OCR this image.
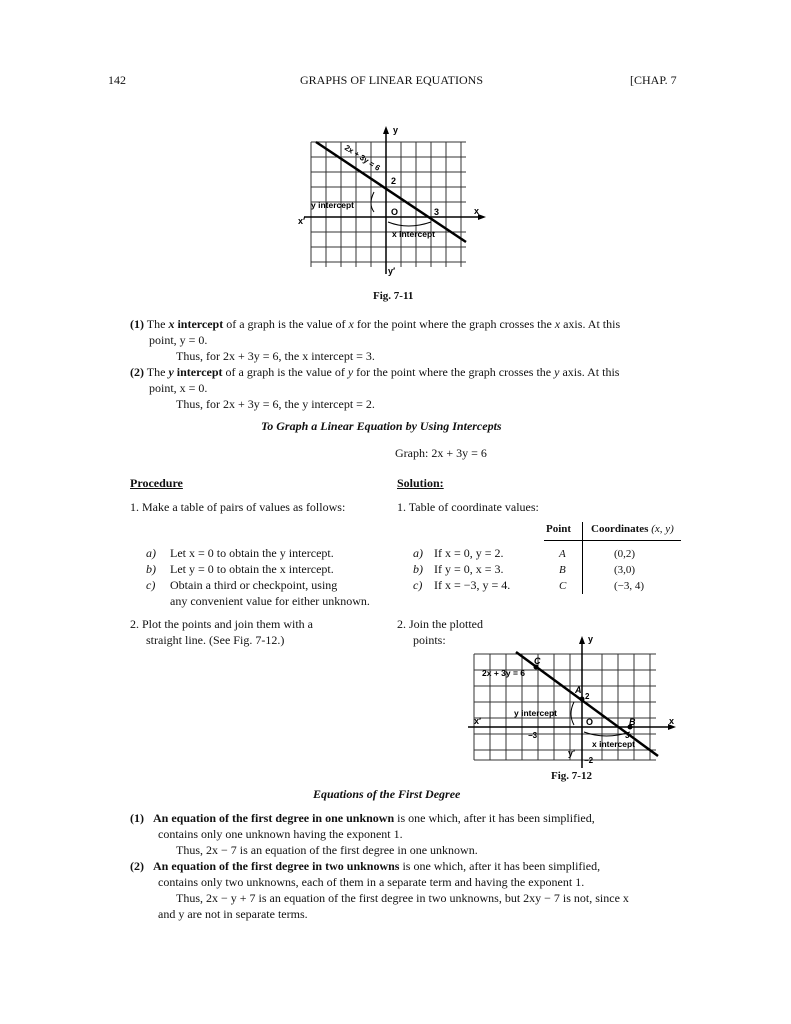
142	GRAPHS OF LINEAR EQUATIONS	[CHAP. 7
y
x
x′
y′
O
2
3
2x + 3y = 6
y intercept
x intercept
Fig. 7-11
(1) The x intercept of a graph is the value of x for the point where the graph crosses the x axis. At this
point, y = 0.
Thus, for 2x + 3y = 6, the x intercept = 3.
(2) The y intercept of a graph is the value of y for the point where the graph crosses the y axis. At this
point, x = 0.
Thus, for 2x + 3y = 6, the y intercept = 2.
To Graph a Linear Equation by Using Intercepts
Graph: 2x + 3y = 6
Procedure	Solution:
1. Make a table of pairs of values as follows:	1. Table of coordinate values:
Point Coordinates (x, y)
A	(0,2)
B	(3,0)
C	(−3, 4)
a) Let x = 0 to obtain the y intercept.
b) Let y = 0 to obtain the x intercept.
c) Obtain a third or checkpoint, using
any convenient value for either unknown.
a) If x = 0, y = 2.
b) If y = 0, x = 3.
c) If x = −3, y = 4.
2. Plot the points and join them with a
straight line. (See Fig. 7-12.)
2. Join the plotted
points:	y
x
x′
y′
O
C
A
B
2
3
−3
−2
2x + 3y = 6
y intercept
x intercept
Fig. 7-12
Equations of the First Degree
(1) An equation of the first degree in one unknown is one which, after it has been simplified,
contains only one unknown having the exponent 1.
Thus, 2x − 7 is an equation of the first degree in one unknown.
(2) An equation of the first degree in two unknowns is one which, after it has been simplified,
contains only two unknowns, each of them in a separate term and having the exponent 1.
Thus, 2x − y + 7 is an equation of the first degree in two unknowns, but 2xy − 7 is not, since x
and y are not in separate terms.
